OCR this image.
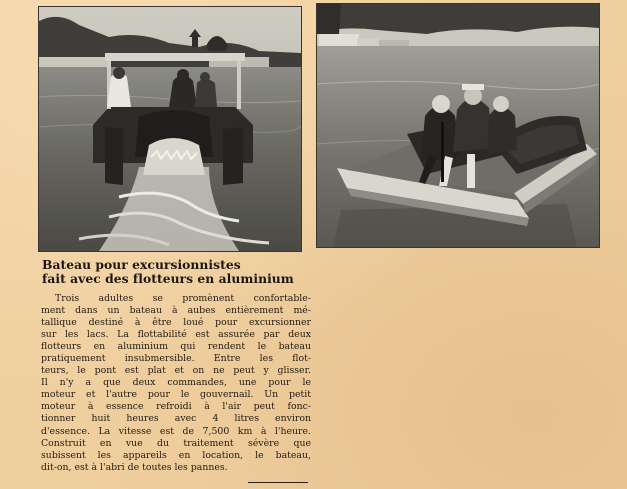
Bateau pour excursionnistes
fait avec des flotteurs en aluminium
Trois adultes se promènent confortable-
ment dans un bateau à aubes entièrement mé-
tallique destiné à être loué pour excursionner
sur les lacs. La flottabilité est assurée par deux
flotteurs en aluminium qui rendent le bateau
pratiquement insubmersible. Entre les flot-
teurs, le pont est plat et on ne peut y glisser.
Il n'y a que deux commandes, une pour le
moteur et l'autre pour le gouvernail. Un petit
moteur à essence refroidi à l'air peut fonc-
tionner huit heures avec 4 litres environ
d'essence. La vitesse est de 7,500 km à l'heure.
Construit en vue du traitement sévère que
subissent les appareils en location, le bateau,
dit-on, est à l'abri de toutes les pannes.
